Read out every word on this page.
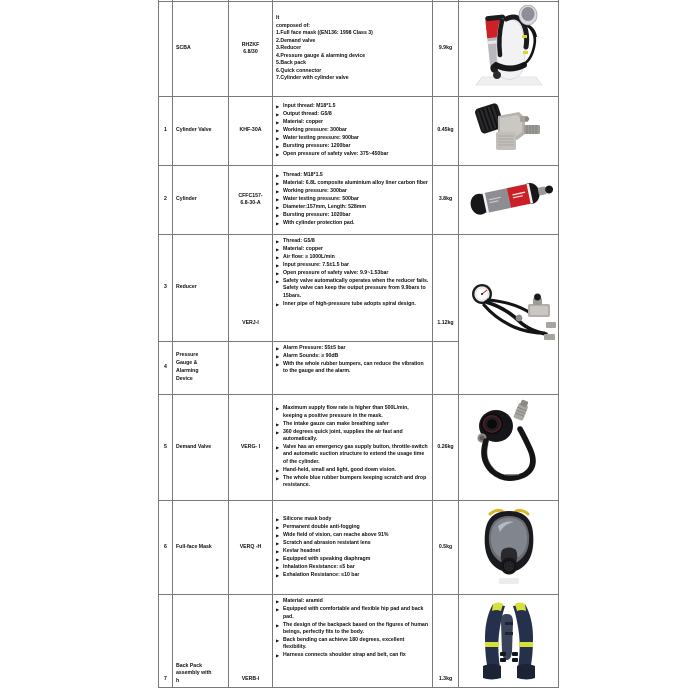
	SCBA	
RHZKF
6.8/30

It
composed of:
1.Full face mask ((EN136: 1998 Class 3)
2.Demand valve
3.Reducer
4.Pressure gauge & alarming device
5.Back pack
6.Quick connector
7.Cylinder with cylinder valve
	9.9kg	
1	Cylinder Valve	KHF-30A	
▶ Input thread: M18*1.5
▶ Output thread: G5/8
▶ Material: copper
▶ Working pressure: 300bar
▶ Water testing pressure: 900bar
▶ Bursting pressure: 1200bar
▶ Open pressure of safety valve: 375~450bar
	0.45kg	
2	Cylinder	
CFFC157-
6.8-30-A

▶ Thread: M18*1.5
▶ Material: 6.8L composite aluminium alloy liner carbon fiber
▶ Working pressure: 300bar
▶ Water testing pressure: 500bar
▶ Diameter:157mm, Length: 528mm
▶ Bursting pressure: 1020bar
▶ With cylinder protection pad.
	3.8kg	
3	Reducer	VERJ-I	
▶ Thread: G5/8
▶ Material: copper
▶ Air flow: ≥ 1000L/min
▶ Input pressure: 7.5±1.5 bar
▶ Open pressure of safety valve: 9.9~1.53bar
▶ Safety valve automatically operates when the reducer fails. Safety valve can keep the output pressure from 9.9bars to 15bars.
▶ Inner pipe of high-pressure tube adopts spiral design.
	1.12kg	
4	
Pressure Gauge & Alarming Device

▶ Alarm Pressure: 55±5 bar
▶ Alarm Sounds: ≥ 90dB
▶ With the whole rubber bumpers, can reduce the vibration to the gauge and the alarm.

5	Demand Valve	VERG- I	
▶ Maximum supply flow rate is higher than 500L/min, keeping a positive pressure in the mask.
▶ The intake gauze can make breathing safer
▶ 360 degrees quick joint, supplies the air fast and automatically.
▶ Valve has an emergency gas supply button, throttle-switch and automatic suction structure to extend the usage time of the cylinder.
▶ Hand-held, small and light, good down vision.
▶ The whole blue rubber bumpers keeping scratch and drop resistance.
	0.26kg	
6	Full-face Mask	VERQ -H	
▶ Silicone mask body
▶ Permanent double anti-fogging
▶ Wide field of vision, can reache above 91%
▶ Scratch and abrasion resistant lens
▶ Kevlar headnet
▶ Equipped with speaking diaphragm
▶ Inhalation Resistance: ≤5 bar
▶ Exhalation Resistance: ≤10 bar
	0.5kg	
7	
Back Pack
assembly with
h	VERB-I	
▶ Material: aramid
▶ Equipped with comfortable and flexible hip pad and back pad.
▶ The design of the backpack based on the figures of human beings, perfectly fits to the body.
▶ Back bending can achieve 180 degrees, excellent flexibility.
▶ Harness connects shoulder strap and belt, can fix
	1.3kg	
